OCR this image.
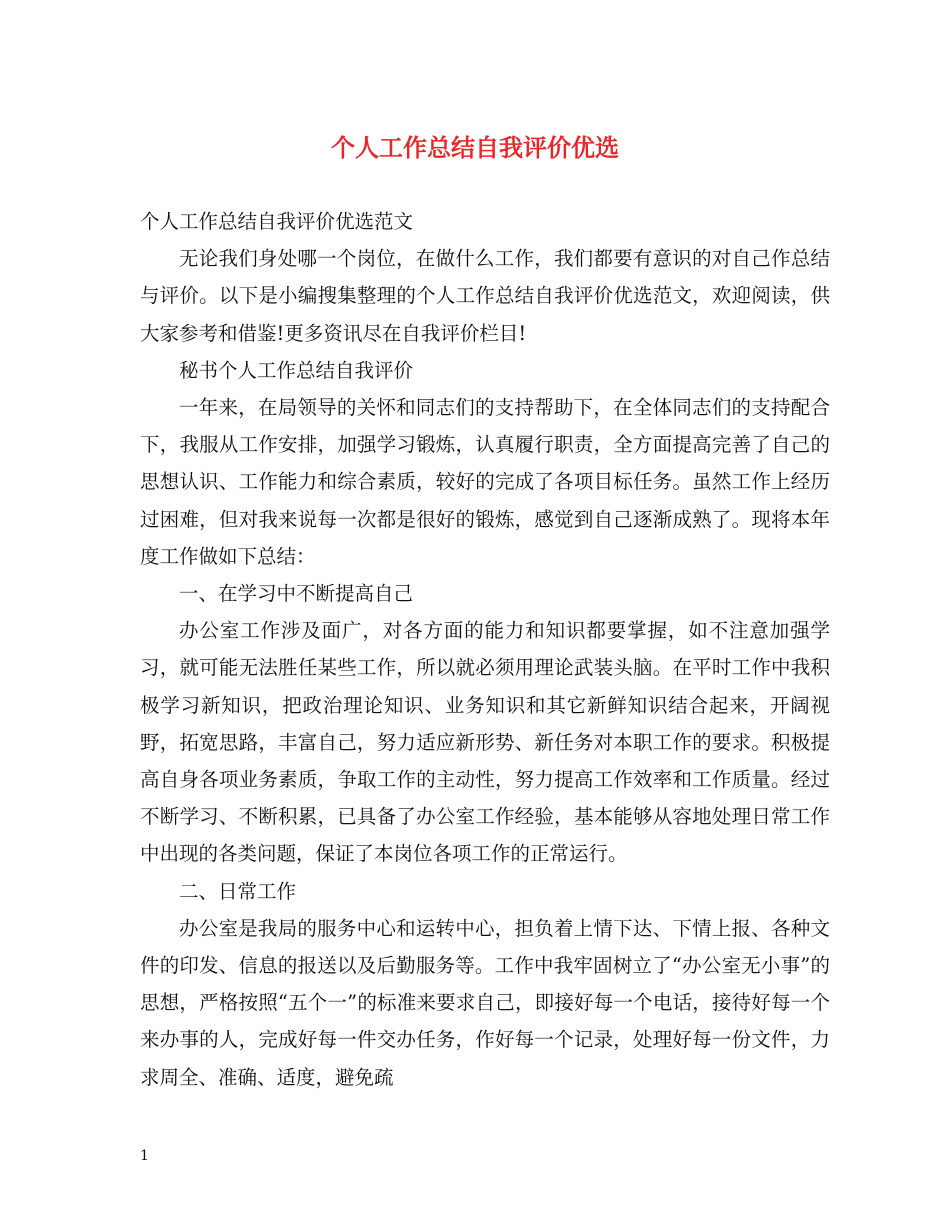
个人工作总结自我评价优选

个人工作总结自我评价优选范文

无论我们身处哪一个岗位，在做什么工作，我们都要有意识的对自己作总结与评价。以下是小编搜集整理的个人工作总结自我评价优选范文，欢迎阅读，供大家参考和借鉴!更多资讯尽在自我评价栏目!

秘书个人工作总结自我评价

一年来，在局领导的关怀和同志们的支持帮助下，在全体同志们的支持配合下，我服从工作安排，加强学习锻炼，认真履行职责，全方面提高完善了自己的思想认识、工作能力和综合素质，较好的完成了各项目标任务。虽然工作上经历过困难，但对我来说每一次都是很好的锻炼，感觉到自己逐渐成熟了。现将本年度工作做如下总结：

一、在学习中不断提高自己

办公室工作涉及面广，对各方面的能力和知识都要掌握，如不注意加强学习，就可能无法胜任某些工作，所以就必须用理论武装头脑。在平时工作中我积极学习新知识，把政治理论知识、业务知识和其它新鲜知识结合起来，开阔视野，拓宽思路，丰富自己，努力适应新形势、新任务对本职工作的要求。积极提高自身各项业务素质，争取工作的主动性，努力提高工作效率和工作质量。经过不断学习、不断积累，已具备了办公室工作经验，基本能够从容地处理日常工作中出现的各类问题，保证了本岗位各项工作的正常运行。

二、日常工作

办公室是我局的服务中心和运转中心，担负着上情下达、下情上报、各种文件的印发、信息的报送以及后勤服务等。工作中我牢固树立了“办公室无小事”的思想，严格按照“五个一”的标准来要求自己，即接好每一个电话，接待好每一个来办事的人，完成好每一件交办任务，作好每一个记录，处理好每一份文件，力求周全、准确、适度，避免疏

1
